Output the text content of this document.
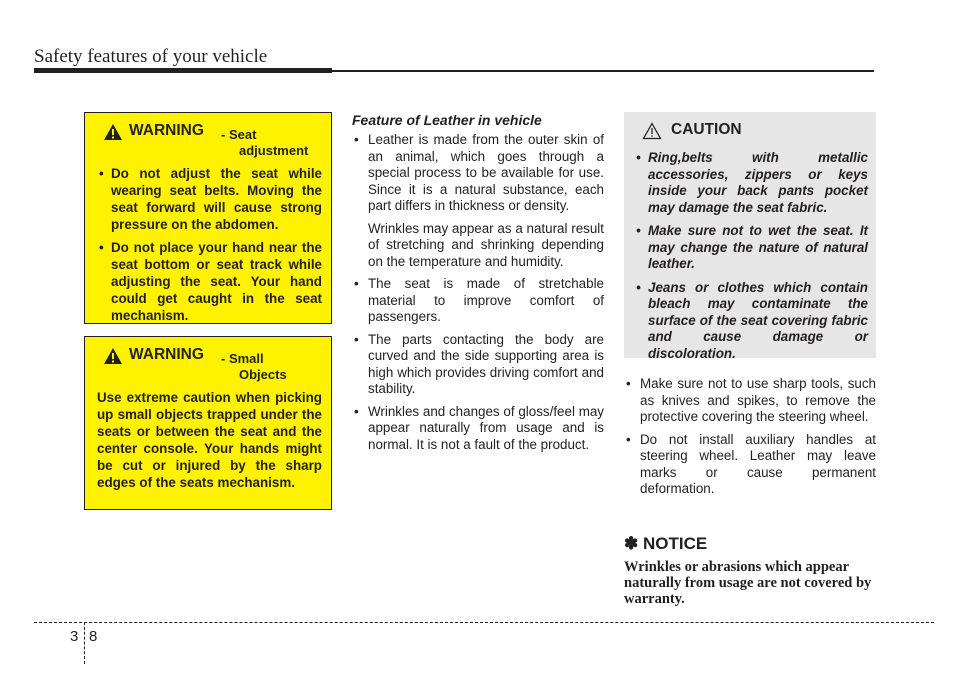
Safety features of your vehicle
WARNING - Seat
adjustment
• Do not adjust the seat while wearing seat belts. Moving the seat forward will cause strong pressure on the abdomen.
• Do not place your hand near the seat bottom or seat track while adjusting the seat. Your hand could get caught in the seat mechanism.
WARNING - Small
Objects

Use extreme caution when picking up small objects trapped under the seats or between the seat and the center console. Your hands might be cut or injured by the sharp edges of the seats mechanism.

Feature of Leather in vehicle

• Leather is made from the outer skin of an animal, which goes through a special process to be available for use. Since it is a natural substance, each part differs in thickness or density.

Wrinkles may appear as a natural result of stretching and shrinking depending on the temperature and humidity.

• The seat is made of stretchable material to improve comfort of passengers.
• The parts contacting the body are curved and the side supporting area is high which provides driving comfort and stability.
• Wrinkles and changes of gloss/feel may appear naturally from usage and is normal. It is not a fault of the product.
CAUTION
• Ring,belts with metallic accessories, zippers or keys inside your back pants pocket may damage the seat fabric.
• Make sure not to wet the seat. It may change the nature of natural leather.
• Jeans or clothes which contain bleach may contaminate the surface of the seat covering fabric and cause damage or discoloration.
• Make sure not to use sharp tools, such as knives and spikes, to remove the protective covering the steering wheel.
• Do not install auxiliary handles at steering wheel. Leather may leave marks or cause permanent deformation.
✽ NOTICE

Wrinkles or abrasions which appear naturally from usage are not covered by warranty.

3 8
